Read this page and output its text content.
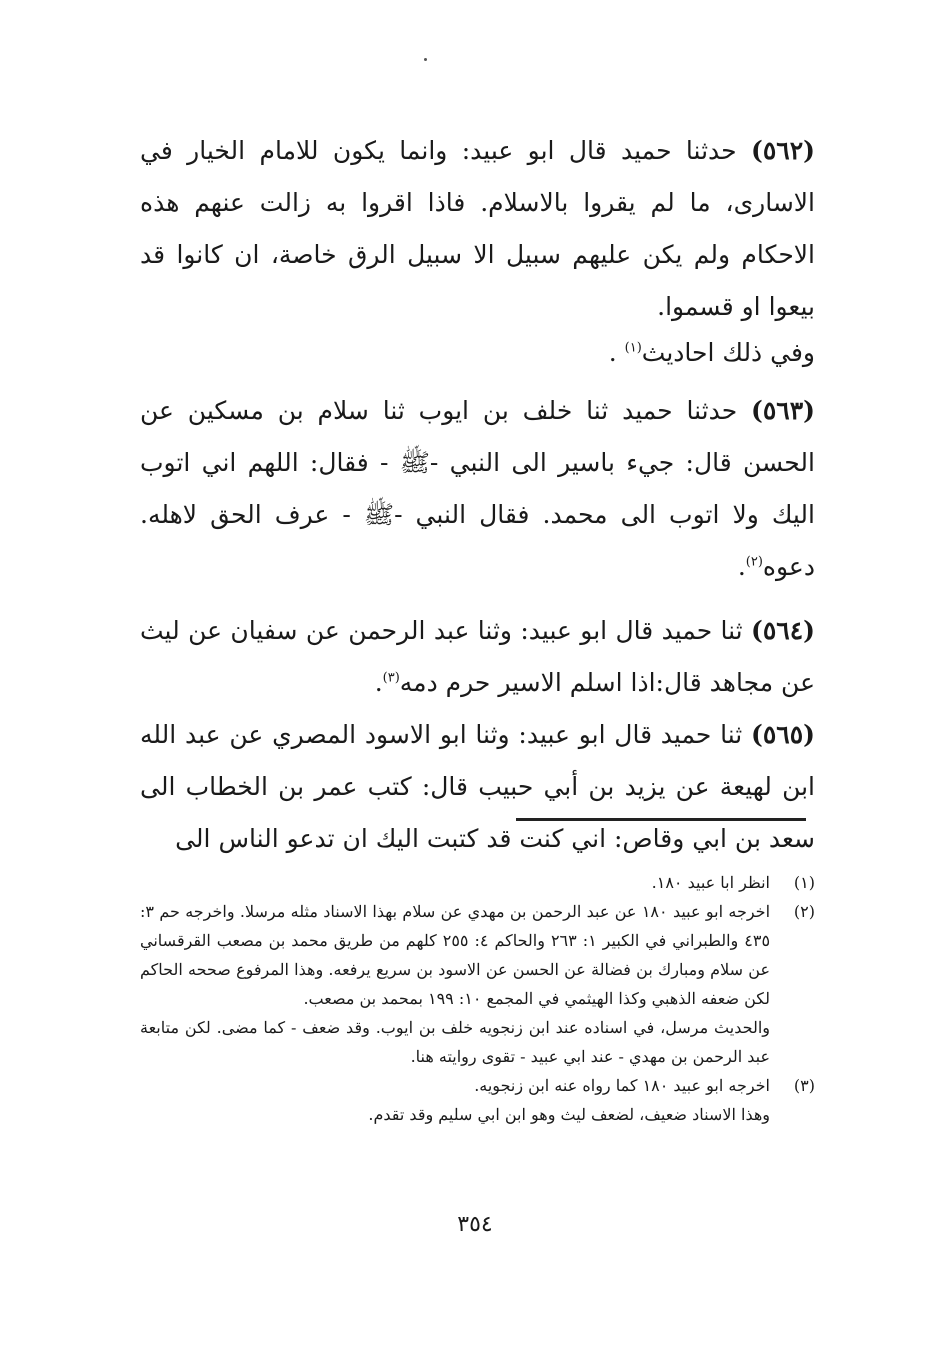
(٥٦٢) حدثنا حميد قال ابو عبيد: وانما يكون للامام الخيار في الاسارى، ما لم يقروا بالاسلام. فاذا اقروا به زالت عنهم هذه الاحكام ولم يكن عليهم سبيل الا سبيل الرق خاصة، ان كانوا قد بيعوا او قسموا.

وفي ذلك احاديث$^{(١)}$ .

(٥٦٣) حدثنا حميد ثنا خلف بن ايوب ثنا سلام بن مسكين عن الحسن قال: جيء باسير الى النبي -ﷺ - فقال: اللهم اني اتوب اليك ولا اتوب الى محمد. فقال النبي -ﷺ - عرف الحق لاهله. دعوه$^{(٢)}$.

(٥٦٤) ثنا حميد قال ابو عبيد: وثنا عبد الرحمن عن سفيان عن ليث عن مجاهد قال:اذا اسلم الاسير حرم دمه$^{(٣)}$.

(٥٦٥) ثنا حميد قال ابو عبيد: وثنا ابو الاسود المصري عن عبد الله ابن لهيعة عن يزيد بن أبي حبيب قال: كتب عمر بن الخطاب الى سعد بن ابي وقاص: اني كنت قد كتبت اليك ان تدعو الناس الى

(١)

انظر ابا عبيد ١٨٠.

(٢)

اخرجه ابو عبيد ١٨٠ عن عبد الرحمن بن مهدي عن سلام بهذا الاسناد مثله مرسلا. واخرجه حم ٣: ٤٣٥ والطبراني في الكبير ١: ٢٦٣ والحاكم ٤: ٢٥٥ كلهم من طريق محمد بن مصعب القرقساني عن سلام ومبارك بن فضالة عن الحسن عن الاسود بن سريع يرفعه. وهذا المرفوع صححه الحاكم لكن ضعفه الذهبي وكذا الهيثمي في المجمع ١٠: ١٩٩ بمحمد بن مصعب.

والحديث مرسل، في اسناده عند ابن زنجويه خلف بن ايوب. وقد ضعف - كما مضى. لكن متابعة عبد الرحمن بن مهدي - عند ابي عبيد - تقوى روايته هنا.

(٣)

اخرجه ابو عبيد ١٨٠ كما رواه عنه ابن زنجويه.

وهذا الاسناد ضعيف، لضعف ليث وهو ابن ابي سليم وقد تقدم.

٣٥٤
